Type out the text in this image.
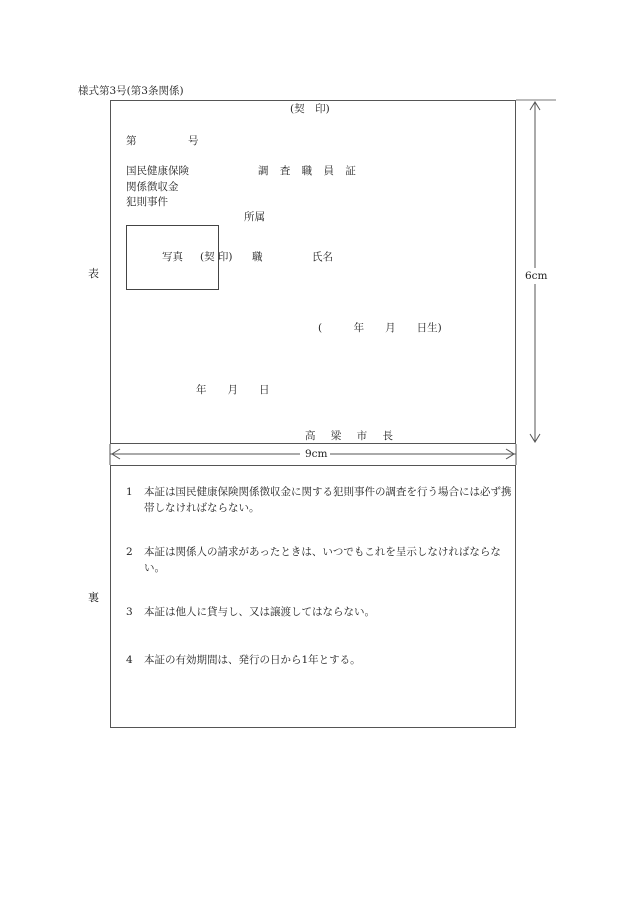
様式第3号(第3条関係)
表
裏
(契　印)
第	号
国民健康保険
関係徴収金
犯則事件
調 査 職 員 証
所属
写真 (契 印) 職	氏名
(　　　年　　月　　日生)
年　　月　　日
高 梁 市 長

1 本証は国民健康保険関係徴収金に関する犯則事件の調査を行う場合には必ず携帯しなければならない。

2 本証は関係人の請求があったときは、いつでもこれを呈示しなければならない。

3 本証は他人に貸与し、又は譲渡してはならない。

4 本証の有効期間は、発行の日から1年とする。

6cm
9cm
